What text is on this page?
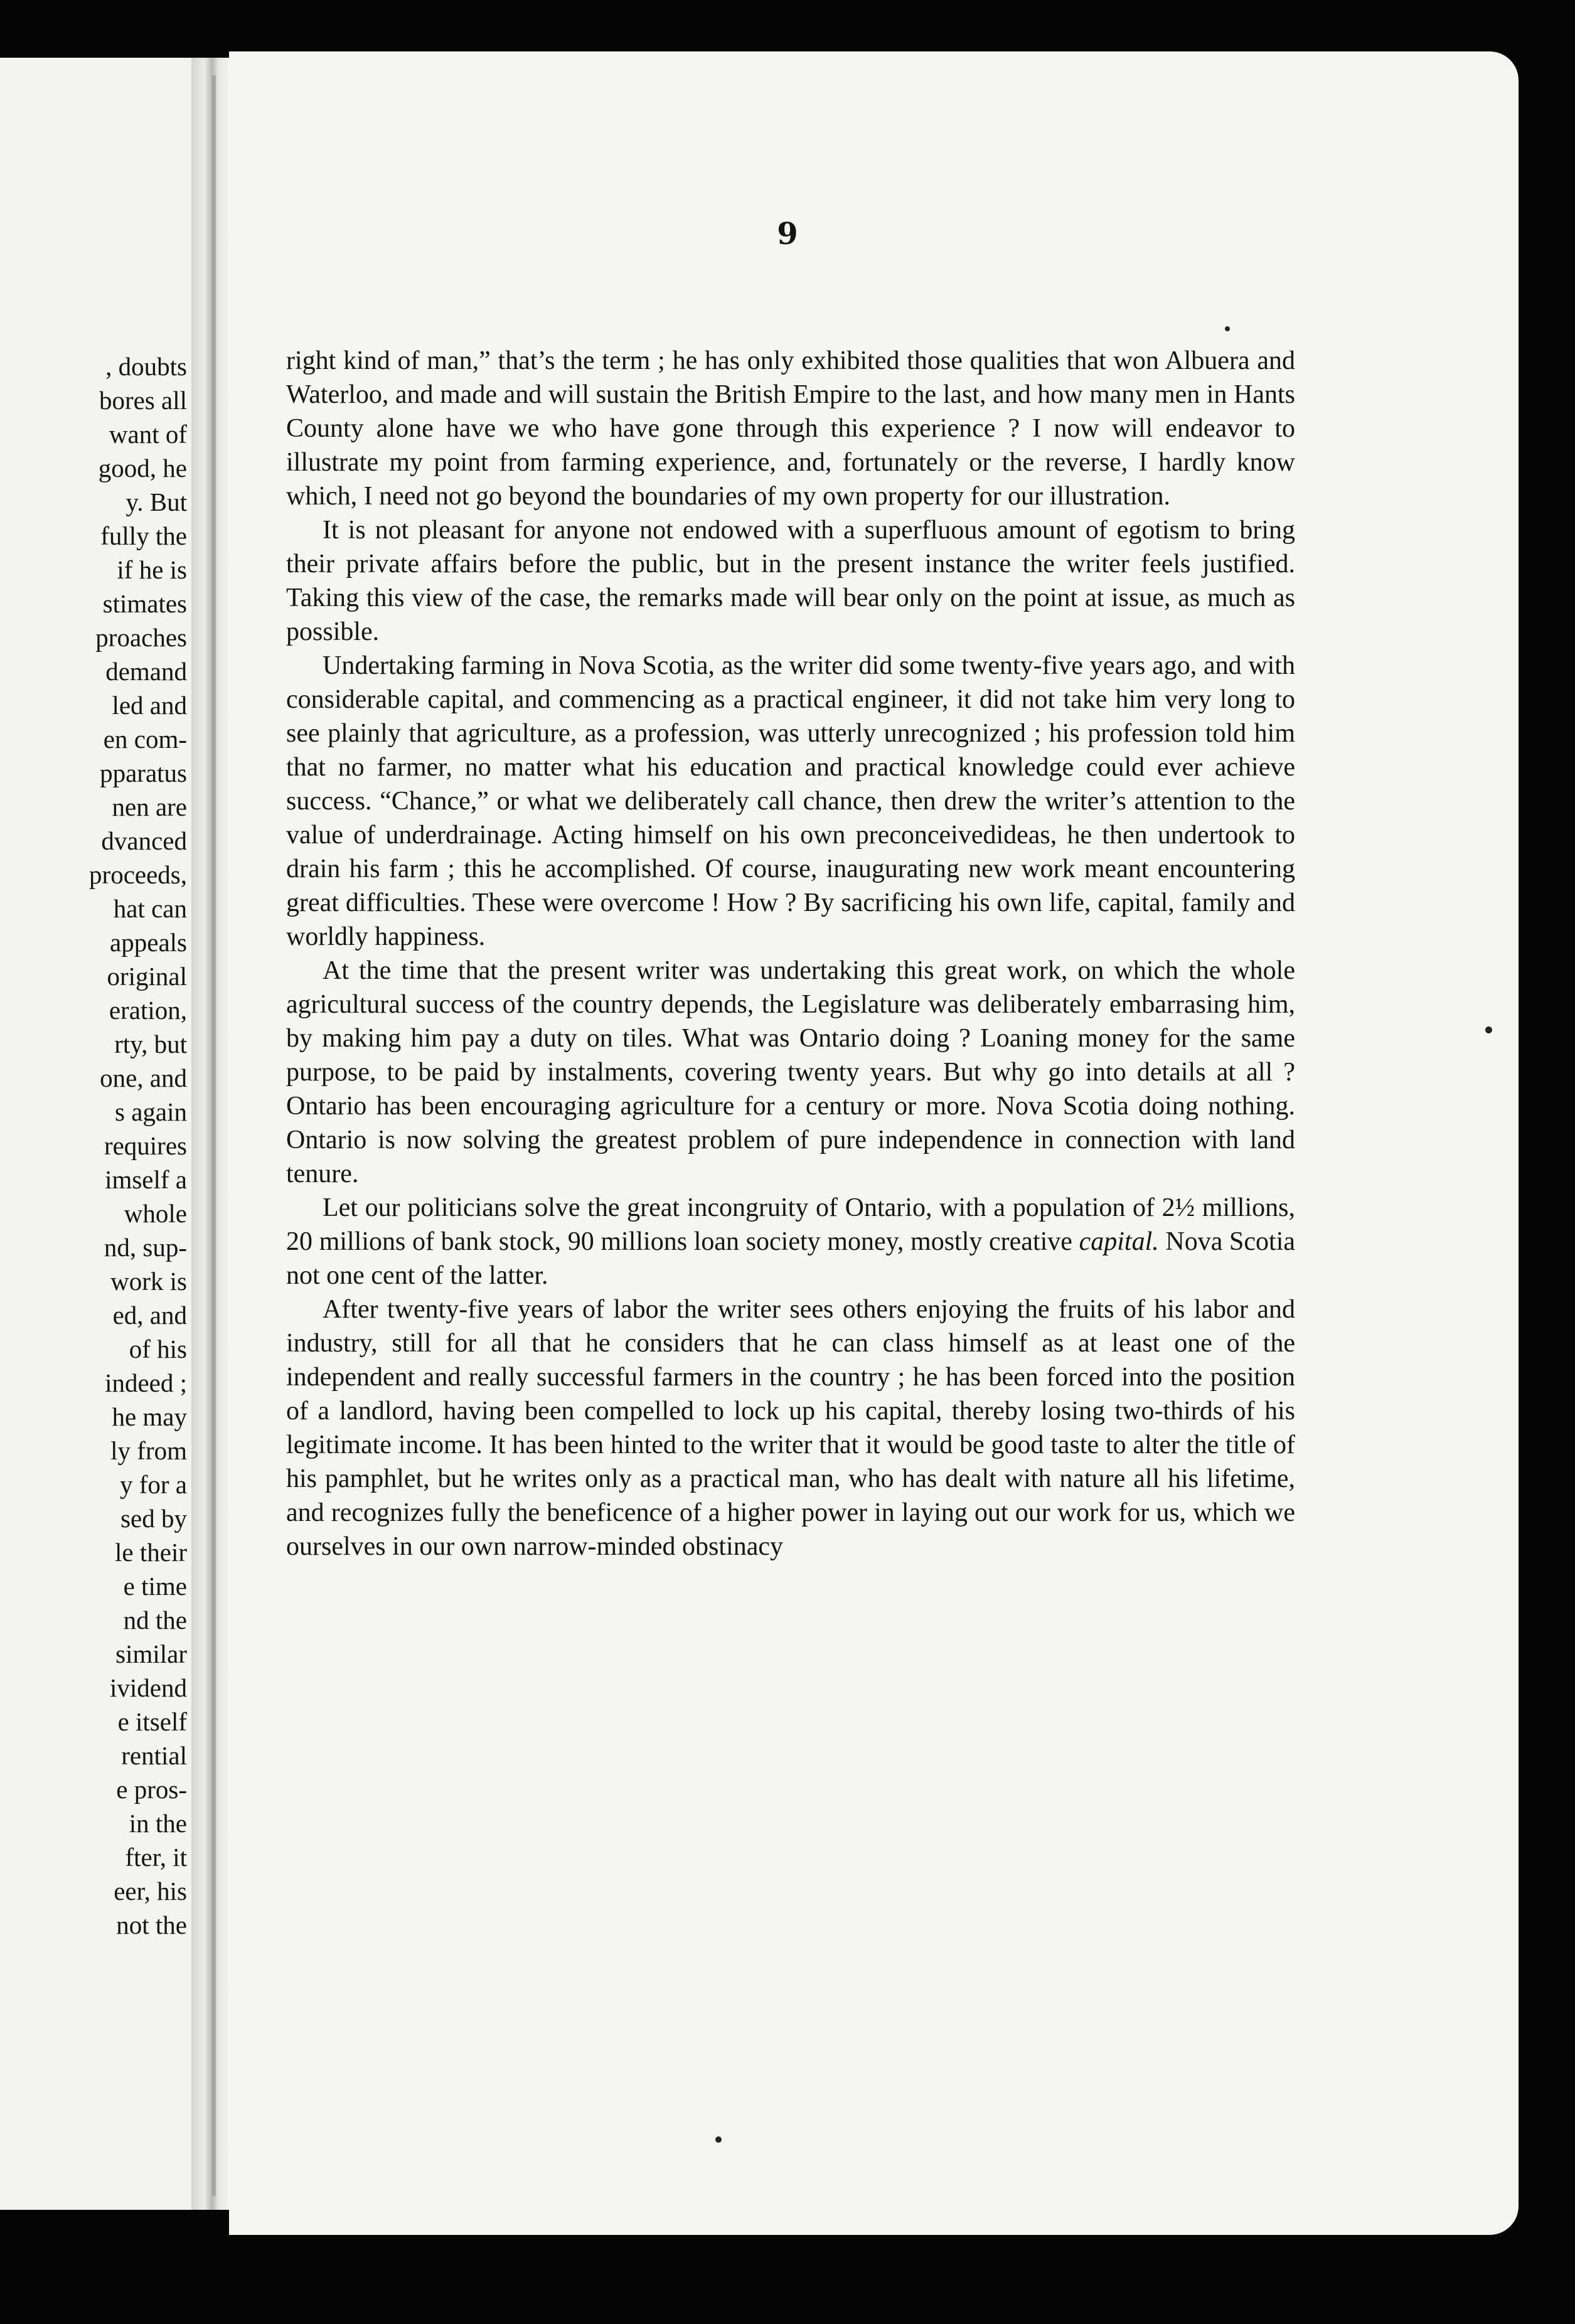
, doubts
bores all
want of
good, he
y. But
fully the
if he is
stimates
proaches
demand
led and
en com-
pparatus
nen are
dvanced
proceeds,
hat can
appeals
original
eration,
rty, but
one, and
s again
requires
imself a
whole
nd, sup-
work is
ed, and
of his
indeed ;
he may
ly from
y for a
sed by
le their
e time
nd the
similar
ividend
e itself
rential
e pros-
in the
fter, it
eer, his
not the
9

right kind of man,” that’s the term ; he has only exhibited those qualities that won Albuera and Waterloo, and made and will sustain the British Empire to the last, and how many men in Hants County alone have we who have gone through this experience ? I now will endeavor to illustrate my point from farming experience, and, fortunately or the reverse, I hardly know which, I need not go beyond the boundaries of my own property for our illustration.

It is not pleasant for anyone not endowed with a superfluous amount of egotism to bring their private affairs before the public, but in the present instance the writer feels justified. Taking this view of the case, the remarks made will bear only on the point at issue, as much as possible.

Undertaking farming in Nova Scotia, as the writer did some twenty-five years ago, and with considerable capital, and commencing as a practical engineer, it did not take him very long to see plainly that agriculture, as a profession, was utterly unrecognized ; his profession told him that no farmer, no matter what his education and practical knowledge could ever achieve success. “Chance,” or what we deliberately call chance, then drew the writer’s attention to the value of underdrainage. Acting himself on his own preconceivedideas, he then undertook to drain his farm ; this he accomplished. Of course, inaugurating new work meant encountering great difficulties. These were overcome ! How ? By sacrificing his own life, capital, family and worldly happiness.

At the time that the present writer was undertaking this great work, on which the whole agricultural success of the country depends, the Legislature was deliberately embarrasing him, by making him pay a duty on tiles. What was Ontario doing ? Loaning money for the same purpose, to be paid by instalments, covering twenty years. But why go into details at all ? Ontario has been encouraging agriculture for a century or more. Nova Scotia doing nothing. Ontario is now solving the greatest problem of pure independence in connection with land tenure.

Let our politicians solve the great incongruity of Ontario, with a population of 2½ millions, 20 millions of bank stock, 90 millions loan society money, mostly creative capital. Nova Scotia not one cent of the latter.

After twenty-five years of labor the writer sees others enjoying the fruits of his labor and industry, still for all that he considers that he can class himself as at least one of the independent and really successful farmers in the country ; he has been forced into the position of a landlord, having been compelled to lock up his capital, thereby losing two-thirds of his legitimate income. It has been hinted to the writer that it would be good taste to alter the title of his pamphlet, but he writes only as a practical man, who has dealt with nature all his lifetime, and recognizes fully the beneficence of a higher power in laying out our work for us, which we ourselves in our own narrow-minded obstinacy
